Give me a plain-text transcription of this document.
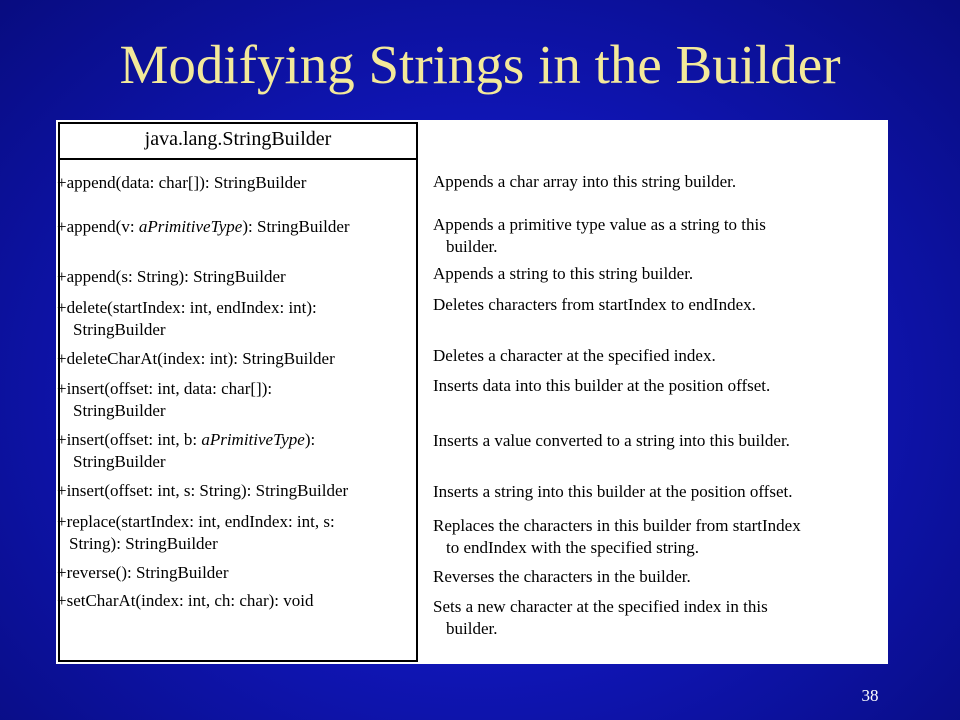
Modifying Strings in the Builder
java.lang.StringBuilder
+append(data: char[]): StringBuilder
+append(v: aPrimitiveType): StringBuilder
+append(s: String): StringBuilder
+delete(startIndex: int, endIndex: int):
StringBuilder
+deleteCharAt(index: int): StringBuilder
+insert(offset: int, data: char[]):
StringBuilder
+insert(offset: int, b: aPrimitiveType):
StringBuilder
+insert(offset: int, s: String): StringBuilder
+replace(startIndex: int, endIndex: int, s:
String): StringBuilder
+reverse(): StringBuilder
+setCharAt(index: int, ch: char): void
Appends a char array into this string builder.
Appends a primitive type value as a string to this
builder.
Appends a string to this string builder.
Deletes characters from startIndex to endIndex.
Deletes a character at the specified index.
Inserts data into this builder at the position offset.
Inserts a value converted to a string into this builder.
Inserts a string into this builder at the position offset.
Replaces the characters in this builder from startIndex
to endIndex with the specified string.
Reverses the characters in the builder.
Sets a new character at the specified index in this
builder.
38
